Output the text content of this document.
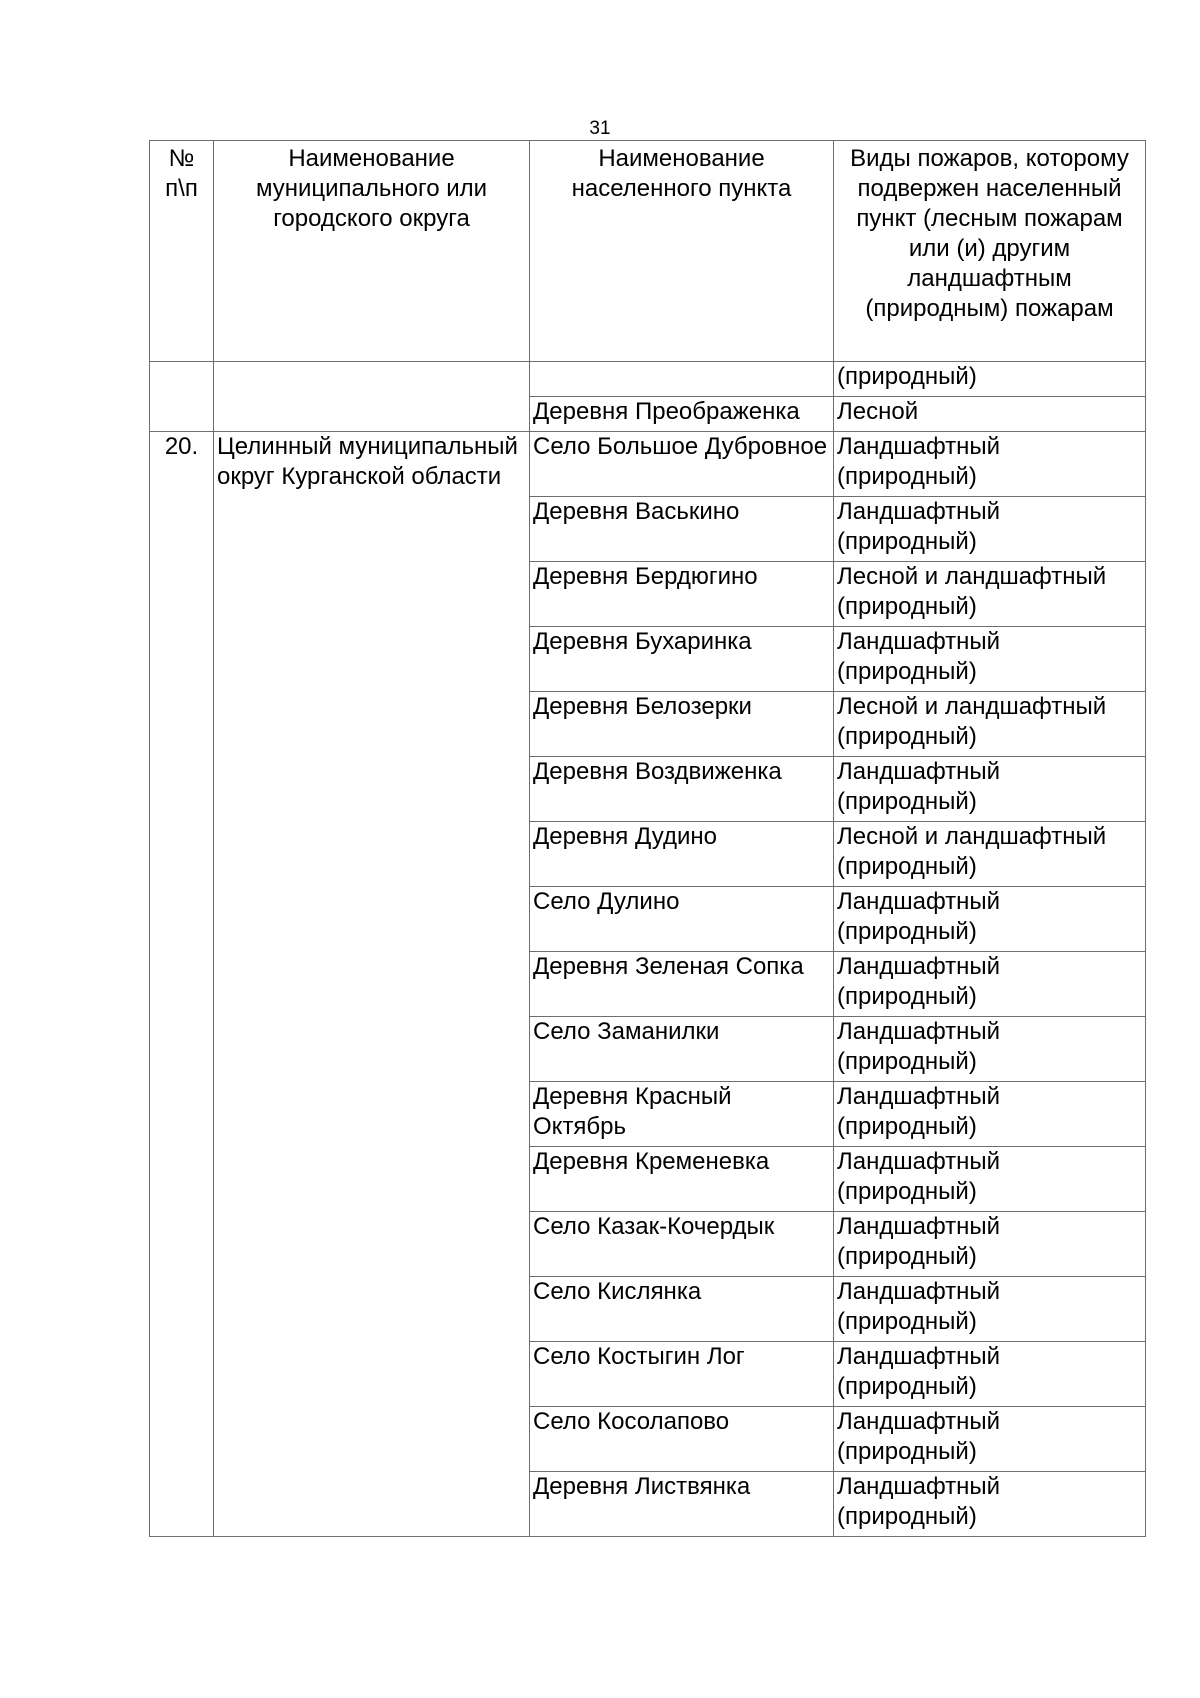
31
№ п\п	Наименование муниципального или городского округа	Наименование населенного пункта	Виды пожаров, которому подвержен населенный пункт (лесным пожарам или (и) другим ландшафтным (природным) пожарам
			(природный)
		Деревня Преображенка	Лесной
20.	Целинный муниципальный округ Курганской области	Село Большое Дубровное	Ландшафтный (природный)
		Деревня Васькино	Ландшафтный (природный)
		Деревня Бердюгино	Лесной и ландшафтный (природный)
		Деревня Бухаринка	Ландшафтный (природный)
		Деревня Белозерки	Лесной и ландшафтный (природный)
		Деревня Воздвиженка	Ландшафтный (природный)
		Деревня Дудино	Лесной и ландшафтный (природный)
		Село Дулино	Ландшафтный (природный)
		Деревня Зеленая Сопка	Ландшафтный (природный)
		Село Заманилки	Ландшафтный (природный)
		Деревня Красный Октябрь	Ландшафтный (природный)
		Деревня Кременевка	Ландшафтный (природный)
		Село Казак-Кочердык	Ландшафтный (природный)
		Село Кислянка	Ландшафтный (природный)
		Село Костыгин Лог	Ландшафтный (природный)
		Село Косолапово	Ландшафтный (природный)
		Деревня Листвянка	Ландшафтный (природный)
